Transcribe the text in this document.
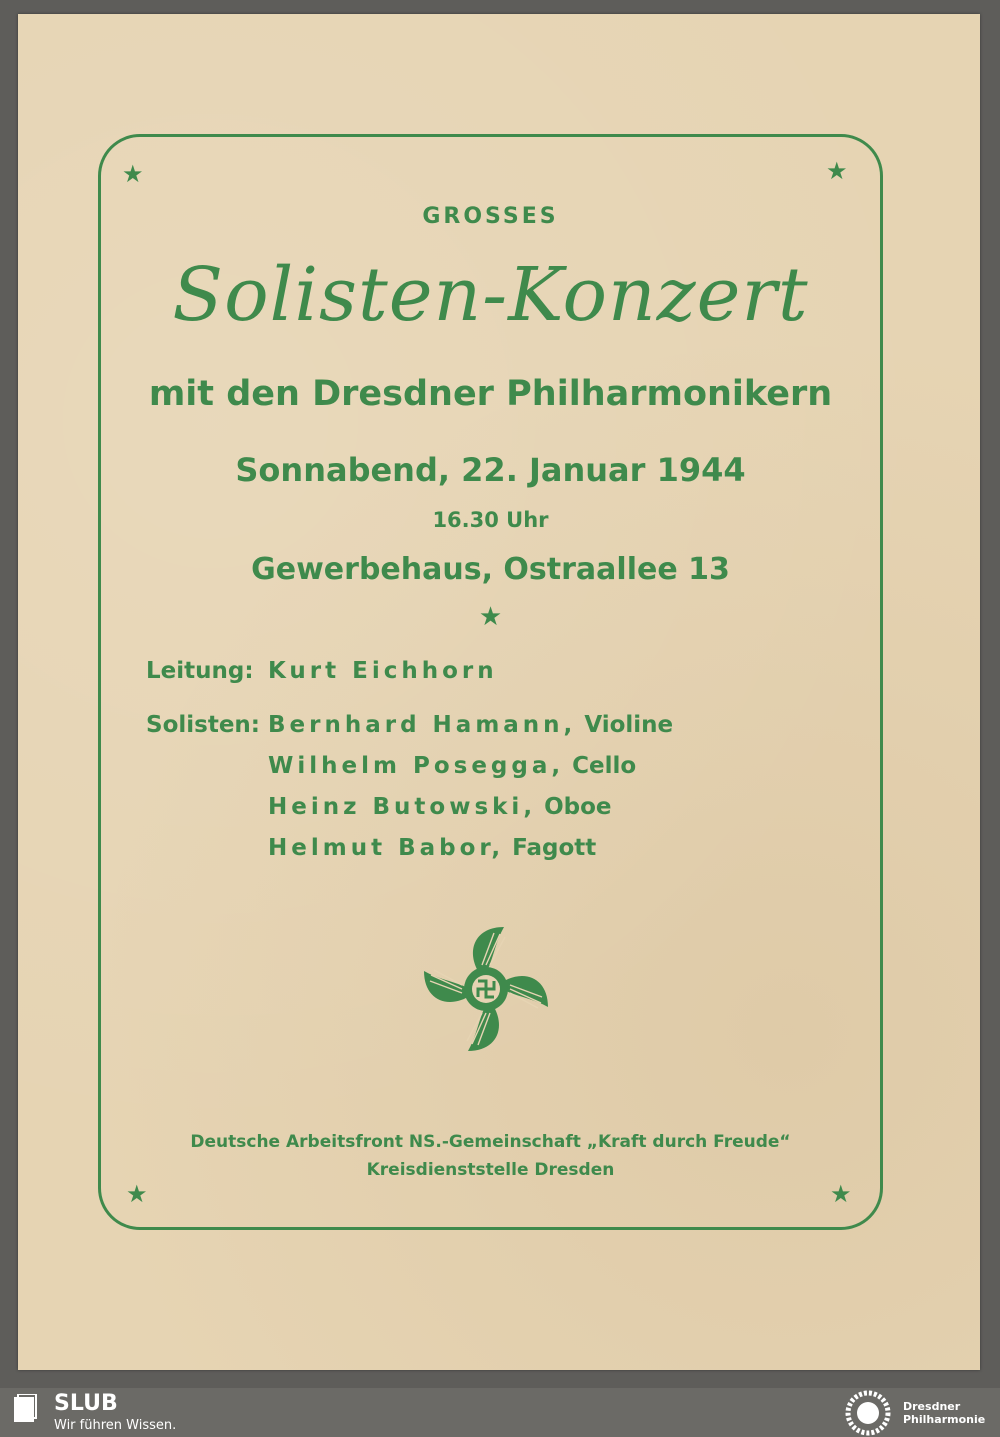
★	★
★	★
GROSSES
Solisten-Konzert
mit den Dresdner Philharmonikern
Sonnabend, 22. Januar 1944
16.30 Uhr
Gewerbehaus, Ostraallee 13
★
Leitung: Kurt Eichhorn
Solisten: Bernhard Hamann, Violine
Wilhelm Posegga, Cello
Heinz Butowski, Oboe
Helmut Babor, Fagott
Deutsche Arbeitsfront NS.-Gemeinschaft „Kraft durch Freude“
Kreisdienststelle Dresden
SLUB
Wir führen Wissen.
Dresdner
Philharmonie
